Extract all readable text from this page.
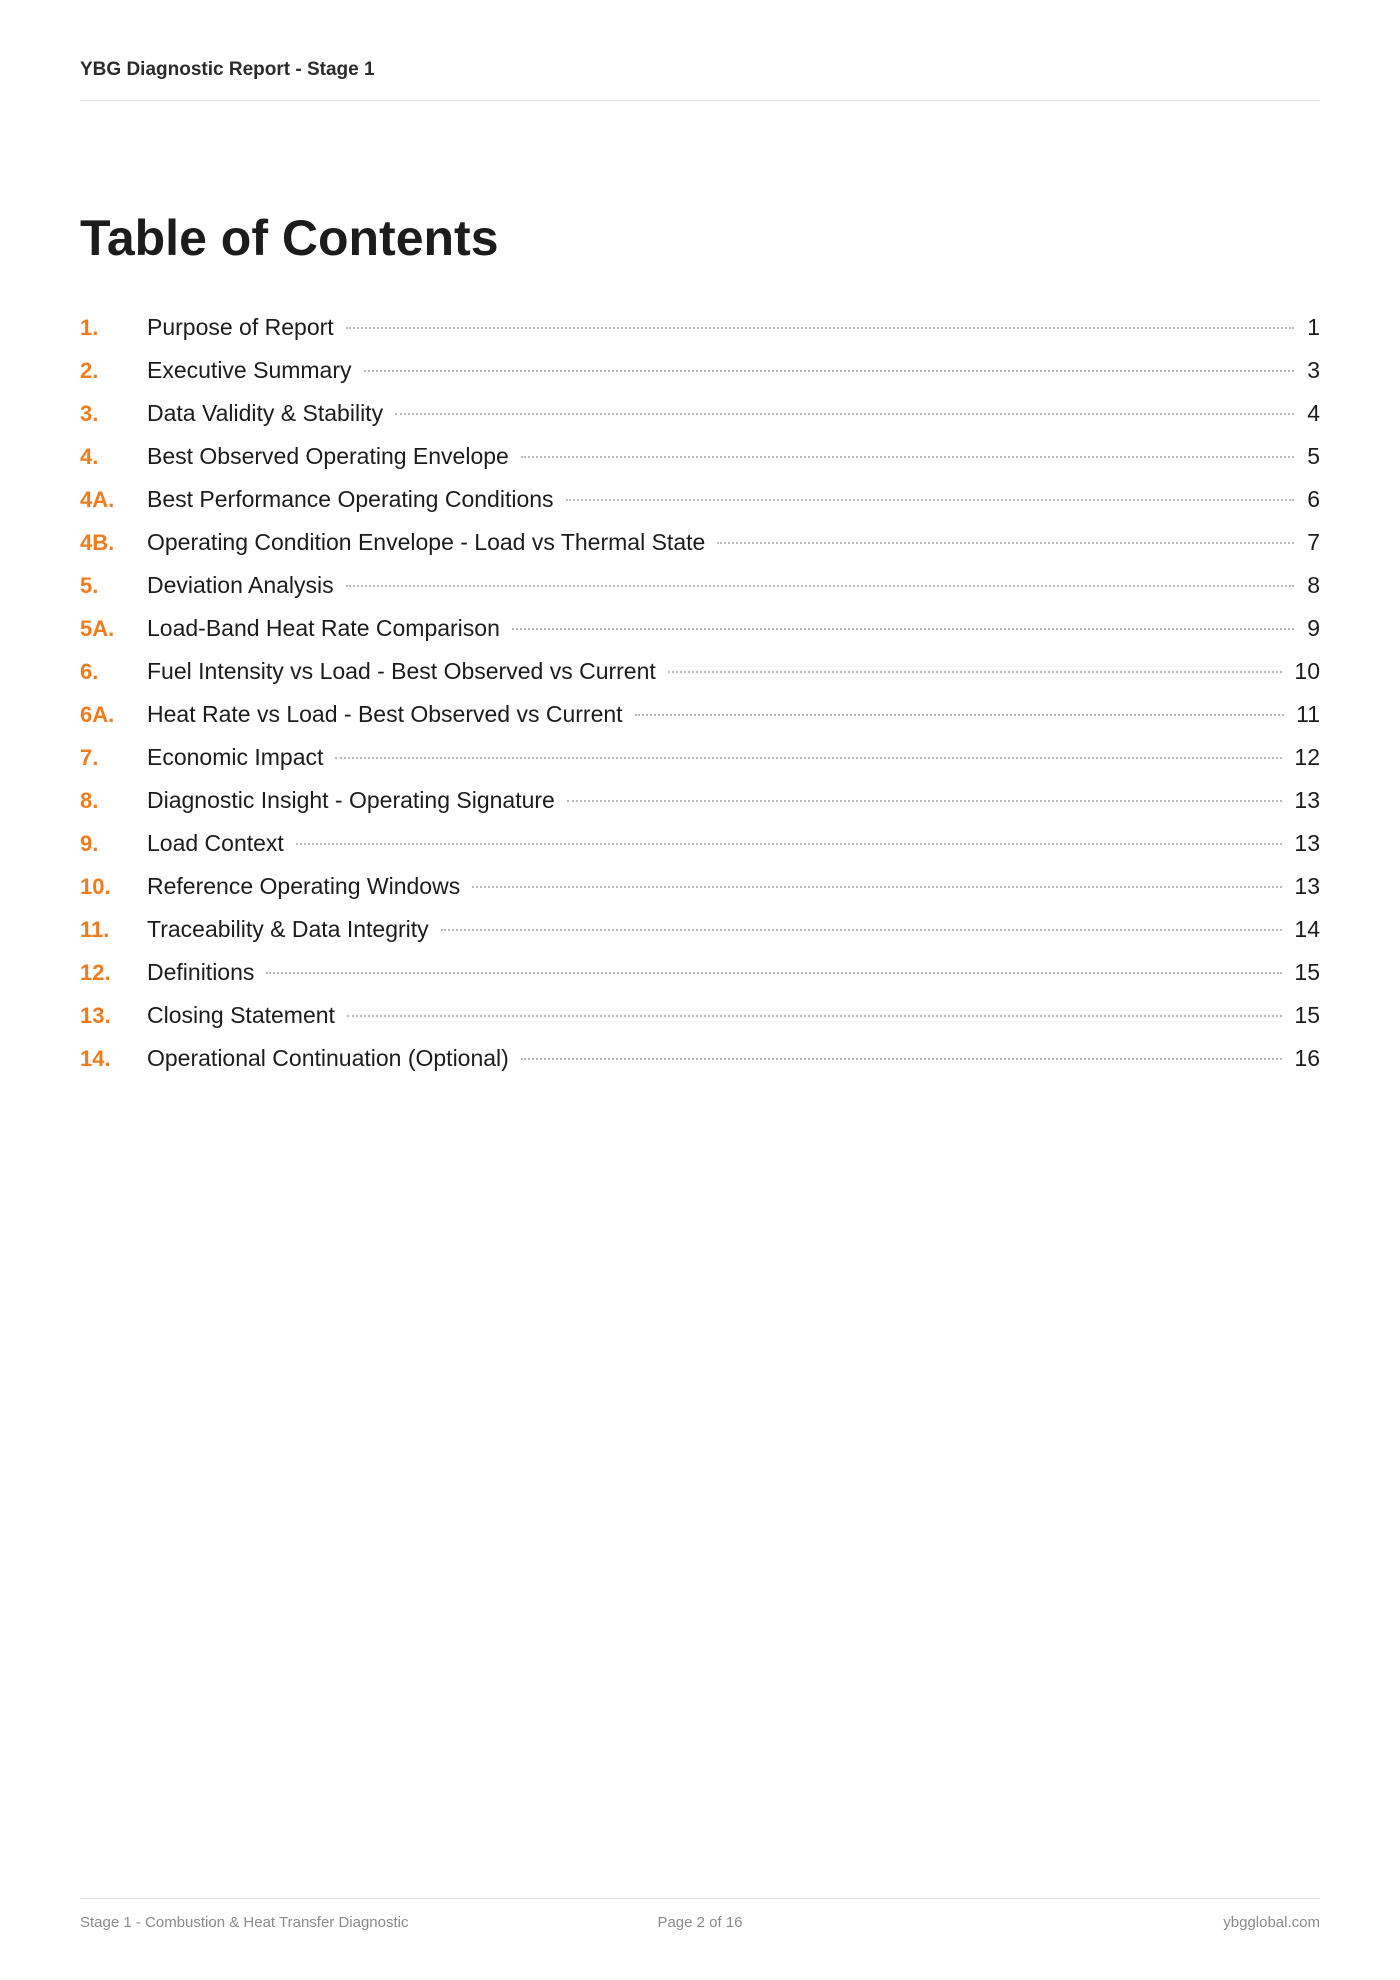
YBG Diagnostic Report - Stage 1
Table of Contents
1.	Purpose of Report	1
2.	Executive Summary	3
3.	Data Validity & Stability	4
4.	Best Observed Operating Envelope	5
4A.	Best Performance Operating Conditions	6
4B.	Operating Condition Envelope - Load vs Thermal State	7
5.	Deviation Analysis	8
5A.	Load-Band Heat Rate Comparison	9
6.	Fuel Intensity vs Load - Best Observed vs Current	10
6A.	Heat Rate vs Load - Best Observed vs Current	11
7.	Economic Impact	12
8.	Diagnostic Insight - Operating Signature	13
9.	Load Context	13
10.	Reference Operating Windows	13
11.	Traceability & Data Integrity	14
12.	Definitions	15
13.	Closing Statement	15
14.	Operational Continuation (Optional)	16
Stage 1 - Combustion & Heat Transfer Diagnostic	Page 2 of 16	ybgglobal.com
